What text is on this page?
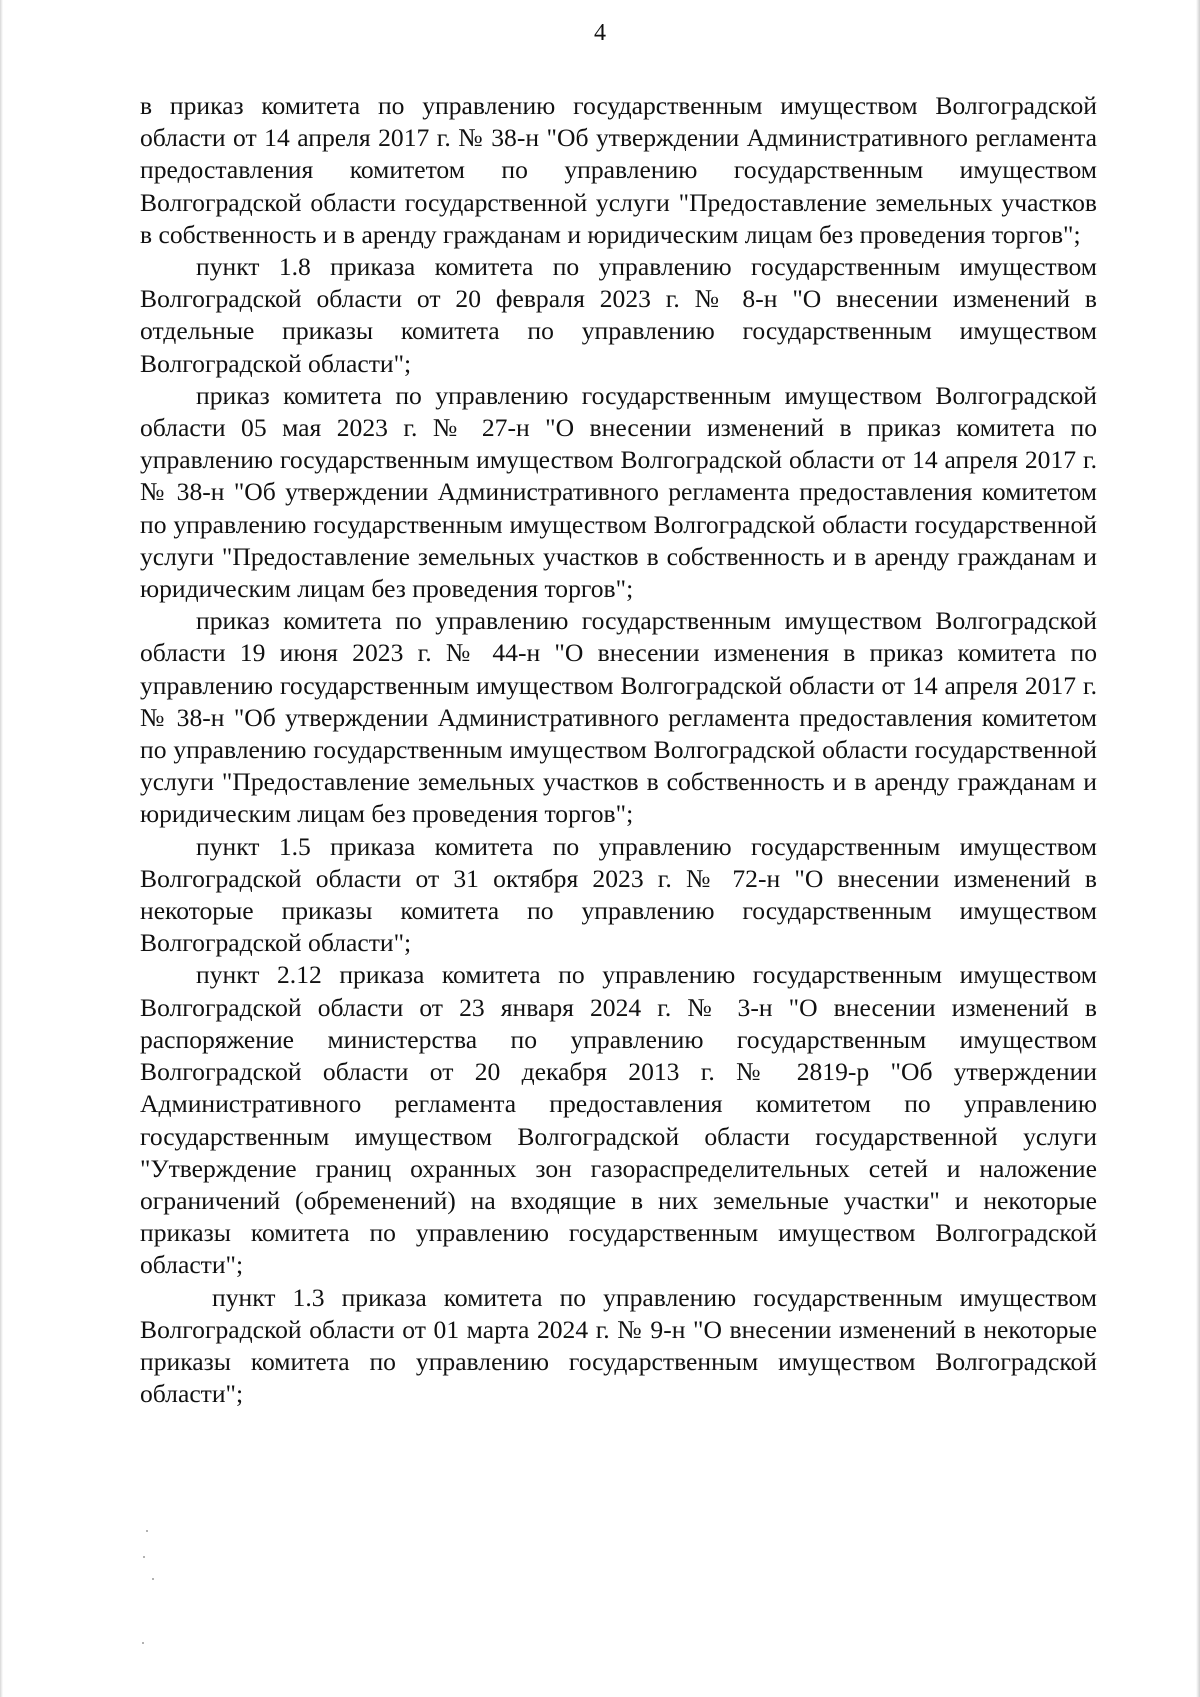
4

в приказ комитета по управлению государственным имуществом Волгоградской области от 14 апреля 2017 г. № 38-н "Об утверждении Административного регламента предоставления комитетом по управлению государственным имуществом Волгоградской области государственной услуги "Предоставление земельных участков в собственность и в аренду гражданам и юридическим лицам без проведения торгов";

пункт 1.8 приказа комитета по управлению государственным имуществом Волгоградской области от 20 февраля 2023 г. № 8-н "О внесении изменений в отдельные приказы комитета по управлению государственным имуществом Волгоградской области";

приказ комитета по управлению государственным имуществом Волгоградской области 05 мая 2023 г. № 27-н "О внесении изменений в приказ комитета по управлению государственным имуществом Волгоградской области от 14 апреля 2017 г. № 38-н "Об утверждении Административного регламента предоставления комитетом по управлению государственным имуществом Волгоградской области государственной услуги "Предоставление земельных участков в собственность и в аренду гражданам и юридическим лицам без проведения торгов";

приказ комитета по управлению государственным имуществом Волгоградской области 19 июня 2023 г. № 44-н "О внесении изменения в приказ комитета по управлению государственным имуществом Волгоградской области от 14 апреля 2017 г. № 38-н "Об утверждении Административного регламента предоставления комитетом по управлению государственным имуществом Волгоградской области государственной услуги "Предоставление земельных участков в собственность и в аренду гражданам и юридическим лицам без проведения торгов";

пункт 1.5 приказа комитета по управлению государственным имуществом Волгоградской области от 31 октября 2023 г. № 72-н "О внесении изменений в некоторые приказы комитета по управлению государственным имуществом Волгоградской области";

пункт 2.12 приказа комитета по управлению государственным имуществом Волгоградской области от 23 января 2024 г. № 3-н "О внесении изменений в распоряжение министерства по управлению государственным имуществом Волгоградской области от 20 декабря 2013 г. № 2819-р "Об утверждении Административного регламента предоставления комитетом по управлению государственным имуществом Волгоградской области государственной услуги "Утверждение границ охранных зон газораспределительных сетей и наложение ограничений (обременений) на входящие в них земельные участки" и некоторые приказы комитета по управлению государственным имуществом Волгоградской области";

пункт 1.3 приказа комитета по управлению государственным имуществом Волгоградской области от 01 марта 2024 г. № 9-н "О внесении изменений в некоторые приказы комитета по управлению государственным имуществом Волгоградской области";
